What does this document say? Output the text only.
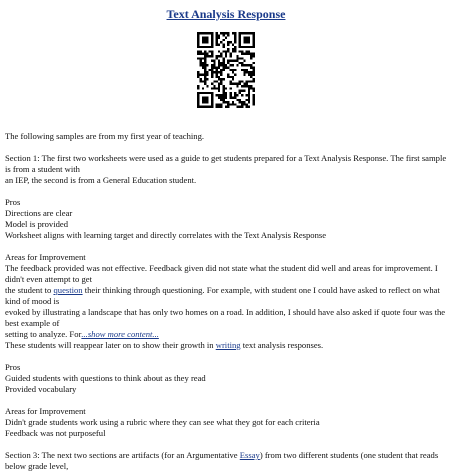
Text Analysis Response

The following samples are from my first year of teaching.

Section 1: The first two worksheets were used as a guide to get students prepared for a Text Analysis Response. The first sample is from a student with

an IEP, the second is from a General Education student.

Pros

Directions are clear

Model is provided

Worksheet aligns with learning target and directly correlates with the Text Analysis Response

Areas for Improvement

The feedback provided was not effective. Feedback given did not state what the student did well and areas for improvement. I didn't even attempt to get

the student to question their thinking through questioning. For example, with student one I could have asked to reflect on what kind of mood is

evoked by illustrating a landscape that has only two homes on a road. In addition, I should have also asked if quote four was the best example of

setting to analyze. For...show more content...

These students will reappear later on to show their growth in writing text analysis responses.

Pros

Guided students with questions to think about as they read

Provided vocabulary

Areas for Improvement

Didn't grade students work using a rubric where they can see what they got for each criteria

Feedback was not purposeful

Section 3: The next two sections are artifacts (for an Argumentative Essay) from two different students (one student that reads below grade level,
